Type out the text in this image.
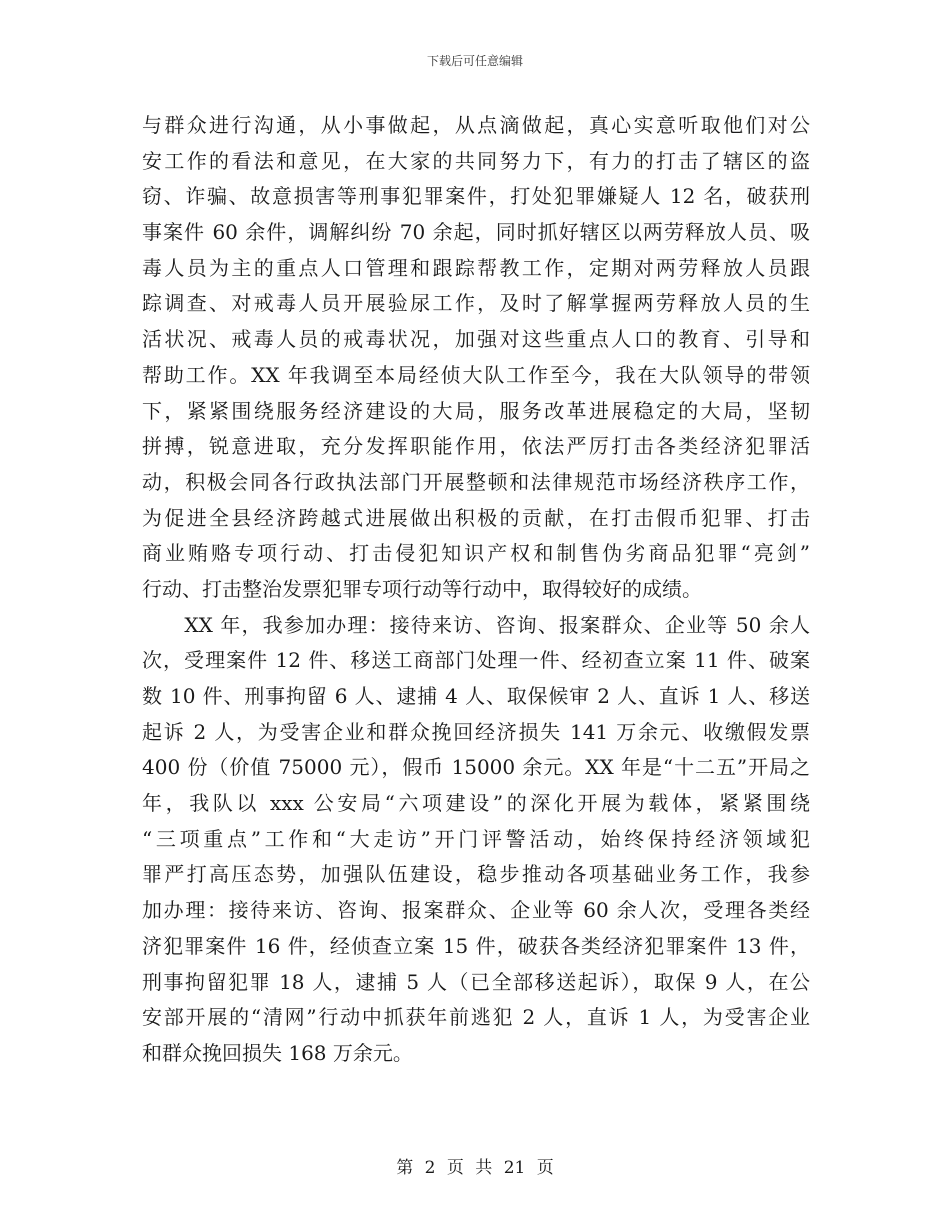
下载后可任意编辑
与群众进行沟通，从小事做起，从点滴做起，真心实意听取他们对公
安工作的看法和意见，在大家的共同努力下，有力的打击了辖区的盗
窃、诈骗、故意损害等刑事犯罪案件，打处犯罪嫌疑人 12 名，破获刑
事案件 60 余件，调解纠纷 70 余起，同时抓好辖区以两劳释放人员、吸
毒人员为主的重点人口管理和跟踪帮教工作，定期对两劳释放人员跟
踪调查、对戒毒人员开展验尿工作，及时了解掌握两劳释放人员的生
活状况、戒毒人员的戒毒状况，加强对这些重点人口的教育、引导和
帮助工作。XX 年我调至本局经侦大队工作至今，我在大队领导的带领
下，紧紧围绕服务经济建设的大局，服务改革进展稳定的大局，坚韧
拼搏，锐意进取，充分发挥职能作用，依法严厉打击各类经济犯罪活
动，积极会同各行政执法部门开展整顿和法律规范市场经济秩序工作，
为促进全县经济跨越式进展做出积极的贡献，在打击假币犯罪、打击
商业贿赂专项行动、打击侵犯知识产权和制售伪劣商品犯罪“亮剑”
行动、打击整治发票犯罪专项行动等行动中，取得较好的成绩。
　　XX 年，我参加办理：接待来访、咨询、报案群众、企业等 50 余人
次，受理案件 12 件、移送工商部门处理一件、经初查立案 11 件、破案
数 10 件、刑事拘留 6 人、逮捕 4 人、取保候审 2 人、直诉 1 人、移送
起诉 2 人，为受害企业和群众挽回经济损失 141 万余元、收缴假发票
400 份（价值 75000 元），假币 15000 余元。XX 年是“十二五”开局之
年，我队以 xxx 公安局“六项建设”的深化开展为载体，紧紧围绕
“三项重点”工作和“大走访”开门评警活动，始终保持经济领域犯
罪严打高压态势，加强队伍建设，稳步推动各项基础业务工作，我参
加办理：接待来访、咨询、报案群众、企业等 60 余人次，受理各类经
济犯罪案件 16 件，经侦查立案 15 件，破获各类经济犯罪案件 13 件，
刑事拘留犯罪 18 人，逮捕 5 人（已全部移送起诉），取保 9 人，在公
安部开展的“清网”行动中抓获年前逃犯 2 人，直诉 1 人，为受害企业
和群众挽回损失 168 万余元。
第 2 页 共 21 页
